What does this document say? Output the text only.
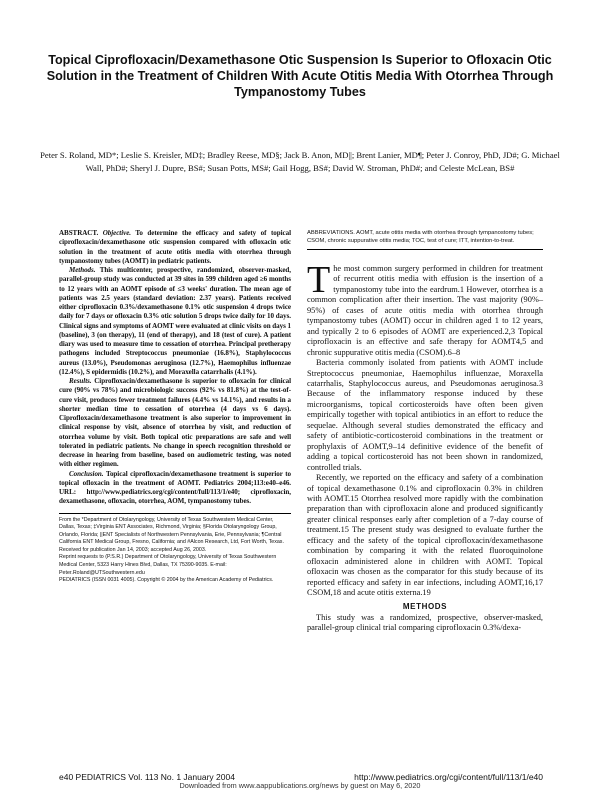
Topical Ciprofloxacin/Dexamethasone Otic Suspension Is Superior to Ofloxacin Otic Solution in the Treatment of Children With Acute Otitis Media With Otorrhea Through Tympanostomy Tubes
Peter S. Roland, MD*; Leslie S. Kreisler, MD‡; Bradley Reese, MD§; Jack B. Anon, MD||; Brent Lanier, MD¶; Peter J. Conroy, PhD, JD#; G. Michael Wall, PhD#; Sheryl J. Dupre, BS#; Susan Potts, MS#; Gail Hogg, BS#; David W. Stroman, PhD#; and Celeste McLean, BS#

ABSTRACT. Objective. To determine the efficacy and safety of topical ciprofloxacin/dexamethasone otic suspension compared with ofloxacin otic solution in the treatment of acute otitis media with otorrhea through tympanostomy tubes (AOMT) in pediatric patients.

Methods. This multicenter, prospective, randomized, observer-masked, parallel-group study was conducted at 39 sites in 599 children aged ≥6 months to 12 years with an AOMT episode of ≤3 weeks' duration. The mean age of patients was 2.5 years (standard deviation: 2.37 years). Patients received either ciprofloxacin 0.3%/dexamethasone 0.1% otic suspension 4 drops twice daily for 7 days or ofloxacin 0.3% otic solution 5 drops twice daily for 10 days. Clinical signs and symptoms of AOMT were evaluated at clinic visits on days 1 (baseline), 3 (on therapy), 11 (end of therapy), and 18 (test of cure). A patient diary was used to measure time to cessation of otorrhea. Principal pretherapy pathogens included Streptococcus pneumoniae (16.8%), Staphylococcus aureus (13.0%), Pseudomonas aeruginosa (12.7%), Haemophilus influenzae (12.4%), S epidermidis (10.2%), and Moraxella catarrhalis (4.1%).

Results. Ciprofloxacin/dexamethasone is superior to ofloxacin for clinical cure (90% vs 78%) and microbiologic success (92% vs 81.8%) at the test-of-cure visit, produces fewer treatment failures (4.4% vs 14.1%), and results in a shorter median time to cessation of otorrhea (4 days vs 6 days). Ciprofloxacin/dexamethasone treatment is also superior to improvement in clinical response by visit, absence of otorrhea by visit, and reduction of otorrhea volume by visit. Both topical otic preparations are safe and well tolerated in pediatric patients. No change in speech recognition threshold or decrease in hearing from baseline, based on audiometric testing, was noted with either regimen.

Conclusion. Topical ciprofloxacin/dexamethasone treatment is superior to topical ofloxacin in the treatment of AOMT. Pediatrics 2004;113:e40–e46. URL: http://www.pediatrics.org/cgi/content/full/113/1/e40; ciprofloxacin, dexamethasone, ofloxacin, otorrhea, AOM, tympanostomy tubes.

From the *Department of Otolaryngology, University of Texas Southwestern Medical Center, Dallas, Texas; ‡Virginia ENT Associates, Richmond, Virginia; §Florida Otolaryngology Group, Orlando, Florida; ||ENT Specialists of Northwestern Pennsylvania, Erie, Pennsylvania; ¶Central California ENT Medical Group, Fresno, California; and #Alcon Research, Ltd, Fort Worth, Texas.

Received for publication Jan 14, 2003; accepted Aug 26, 2003.

Reprint requests to (P.S.R.) Department of Otolaryngology, University of Texas Southwestern Medical Center, 5323 Harry Hines Blvd, Dallas, TX 75390-9035. E-mail: Peter.Roland@UTSouthwestern.edu

PEDIATRICS (ISSN 0031 4005). Copyright © 2004 by the American Academy of Pediatrics.

ABBREVIATIONS. AOMT, acute otitis media with otorrhea through tympanostomy tubes; CSOM, chronic suppurative otitis media; TOC, test of cure; ITT, intention-to-treat.

The most common surgery performed in children for treatment of recurrent otitis media with effusion is the insertion of a tympanostomy tube into the eardrum.1 However, otorrhea is a common complication after their insertion. The vast majority (90%–95%) of cases of acute otitis media with otorrhea through tympanostomy tubes (AOMT) occur in children aged 1 to 12 years, and typically 2 to 6 episodes of AOMT are experienced.2,3 Topical ciprofloxacin is an effective and safe therapy for AOMT4,5 and chronic suppurative otitis media (CSOM).6–8

Bacteria commonly isolated from patients with AOMT include Streptococcus pneumoniae, Haemophilus influenzae, Moraxella catarrhalis, Staphylococcus aureus, and Pseudomonas aeruginosa.3 Because of the inflammatory response induced by these microorganisms, topical corticosteroids have often been given empirically together with topical antibiotics in an effort to reduce the sequelae. Although several studies demonstrated the efficacy and safety of antibiotic-corticosteroid combinations in the treatment or prophylaxis of AOMT,9–14 definitive evidence of the benefit of adding a topical corticosteroid has not been shown in randomized, controlled trials.

Recently, we reported on the efficacy and safety of a combination of topical dexamethasone 0.1% and ciprofloxacin 0.3% in children with AOMT.15 Otorrhea resolved more rapidly with the combination preparation than with ciprofloxacin alone and produced significantly greater clinical responses early after completion of a 7-day course of treatment.15 The present study was designed to evaluate further the efficacy and the safety of the topical ciprofloxacin/dexamethasone combination by comparing it with the related fluoroquinolone ofloxacin administered alone in children with AOMT. Topical ofloxacin was chosen as the comparator for this study because of its reported efficacy and safety in ear infections, including AOMT,16,17 CSOM,18 and acute otitis externa.19

METHODS

This study was a randomized, prospective, observer-masked, parallel-group clinical trial comparing ciprofloxacin 0.3%/dexa-

e40 PEDIATRICS Vol. 113 No. 1 January 2004	http://www.pediatrics.org/cgi/content/full/113/1/e40
Downloaded from www.aappublications.org/news by guest on May 6, 2020
